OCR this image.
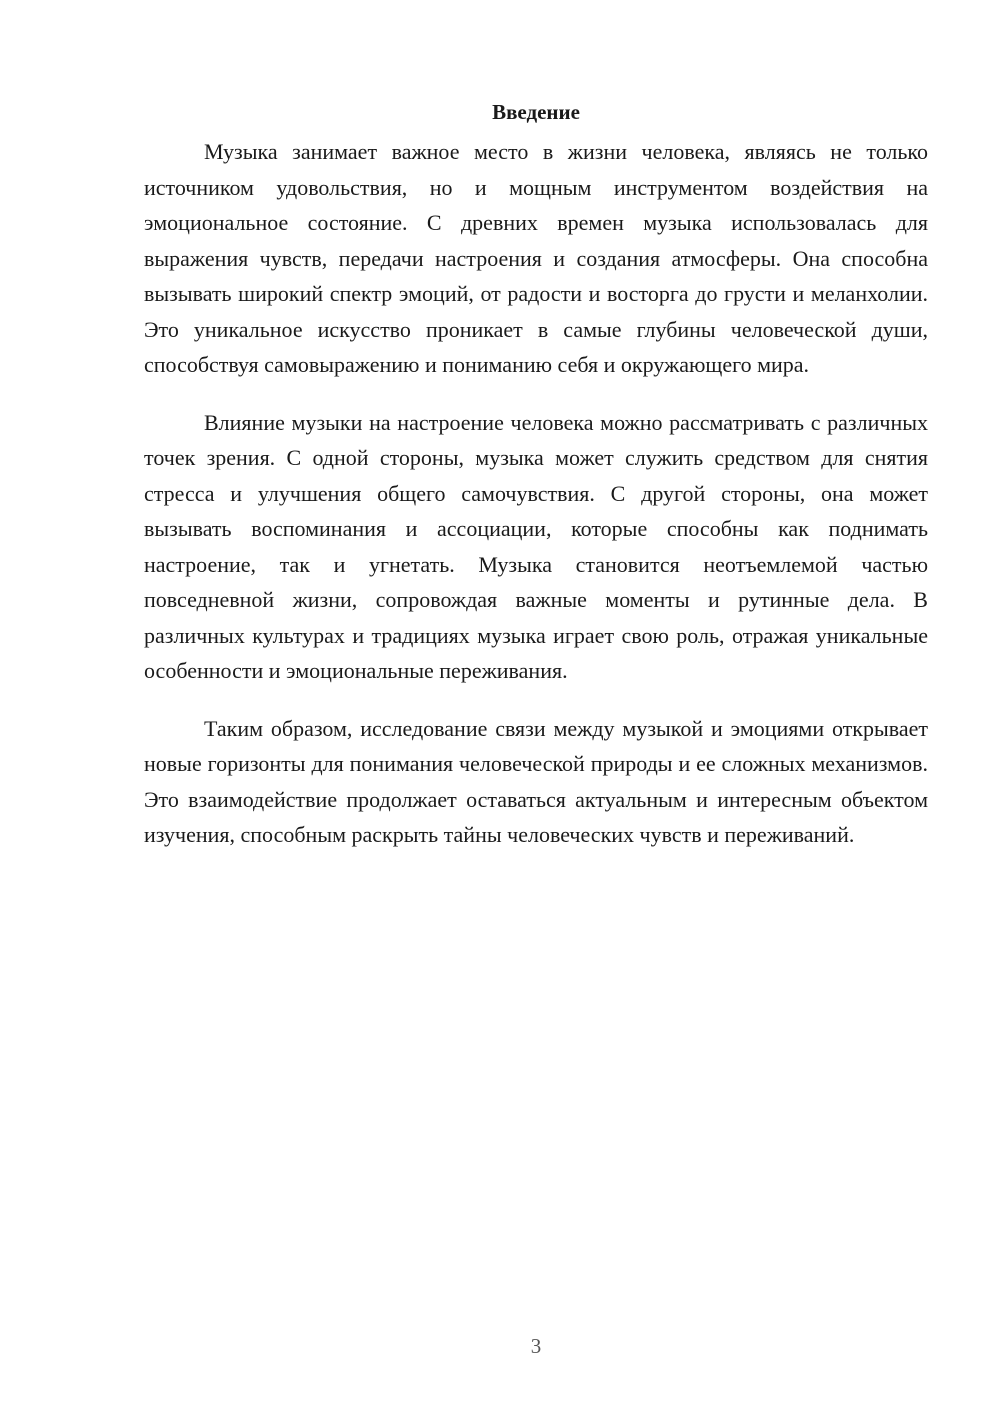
Введение

Музыка занимает важное место в жизни человека, являясь не только источником удовольствия, но и мощным инструментом воздействия на эмоциональное состояние. С древних времен музыка использовалась для выражения чувств, передачи настроения и создания атмосферы. Она способна вызывать широкий спектр эмоций, от радости и восторга до грусти и меланхолии. Это уникальное искусство проникает в самые глубины человеческой души, способствуя самовыражению и пониманию себя и окружающего мира.

Влияние музыки на настроение человека можно рассматривать с различных точек зрения. С одной стороны, музыка может служить средством для снятия стресса и улучшения общего самочувствия. С другой стороны, она может вызывать воспоминания и ассоциации, которые способны как поднимать настроение, так и угнетать. Музыка становится неотъемлемой частью повседневной жизни, сопровождая важные моменты и рутинные дела. В различных культурах и традициях музыка играет свою роль, отражая уникальные особенности и эмоциональные переживания.

Таким образом, исследование связи между музыкой и эмоциями открывает новые горизонты для понимания человеческой природы и ее сложных механизмов. Это взаимодействие продолжает оставаться актуальным и интересным объектом изучения, способным раскрыть тайны человеческих чувств и переживаний.

3
